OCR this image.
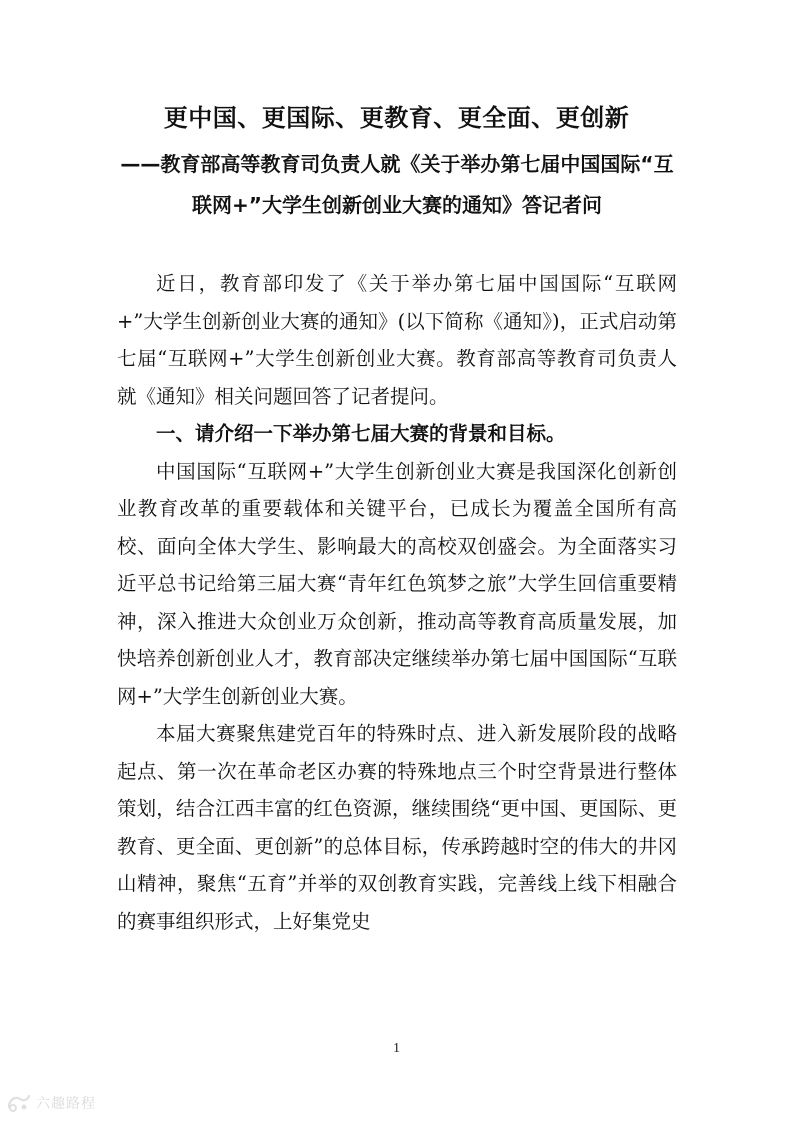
更中国、更国际、更教育、更全面、更创新
——教育部高等教育司负责人就《关于举办第七届中国国际“互联网+”大学生创新创业大赛的通知》答记者问

近日，教育部印发了《关于举办第七届中国国际“互联网+”大学生创新创业大赛的通知》(以下简称《通知》)，正式启动第七届“互联网+”大学生创新创业大赛。教育部高等教育司负责人就《通知》相关问题回答了记者提问。

一、请介绍一下举办第七届大赛的背景和目标。

中国国际“互联网+”大学生创新创业大赛是我国深化创新创业教育改革的重要载体和关键平台，已成长为覆盖全国所有高校、面向全体大学生、影响最大的高校双创盛会。为全面落实习近平总书记给第三届大赛“青年红色筑梦之旅”大学生回信重要精神，深入推进大众创业万众创新，推动高等教育高质量发展，加快培养创新创业人才，教育部决定继续举办第七届中国国际“互联网+”大学生创新创业大赛。

本届大赛聚焦建党百年的特殊时点、进入新发展阶段的战略起点、第一次在革命老区办赛的特殊地点三个时空背景进行整体策划，结合江西丰富的红色资源，继续围绕“更中国、更国际、更教育、更全面、更创新”的总体目标，传承跨越时空的伟大的井冈山精神，聚焦“五育”并举的双创教育实践，完善线上线下相融合的赛事组织形式，上好集党史

1
六趣路程
